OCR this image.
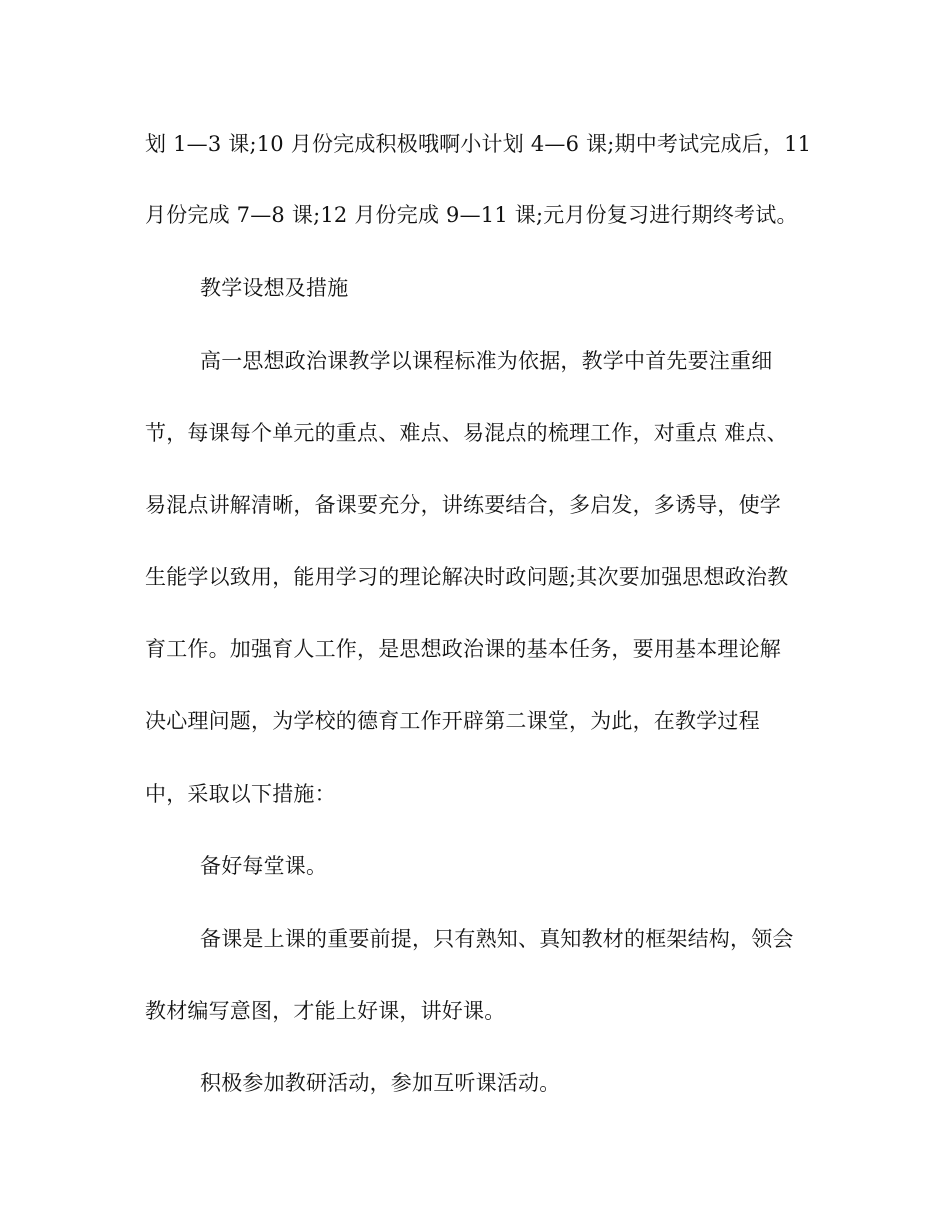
划 1—3 课;10 月份完成积极哦啊小计划 4—6 课;期中考试完成后，11
月份完成 7—8 课;12 月份完成 9—11 课;元月份复习进行期终考试。
教学设想及措施
高一思想政治课教学以课程标准为依据，教学中首先要注重细
节，每课每个单元的重点、难点、易混点的梳理工作，对重点 难点、
易混点讲解清晰，备课要充分，讲练要结合，多启发，多诱导，使学
生能学以致用，能用学习的理论解决时政问题;其次要加强思想政治教
育工作。加强育人工作，是思想政治课的基本任务，要用基本理论解
决心理问题，为学校的德育工作开辟第二课堂，为此，在教学过程
中，采取以下措施：
备好每堂课。
备课是上课的重要前提，只有熟知、真知教材的框架结构，领会
教材编写意图，才能上好课，讲好课。
积极参加教研活动，参加互听课活动。
